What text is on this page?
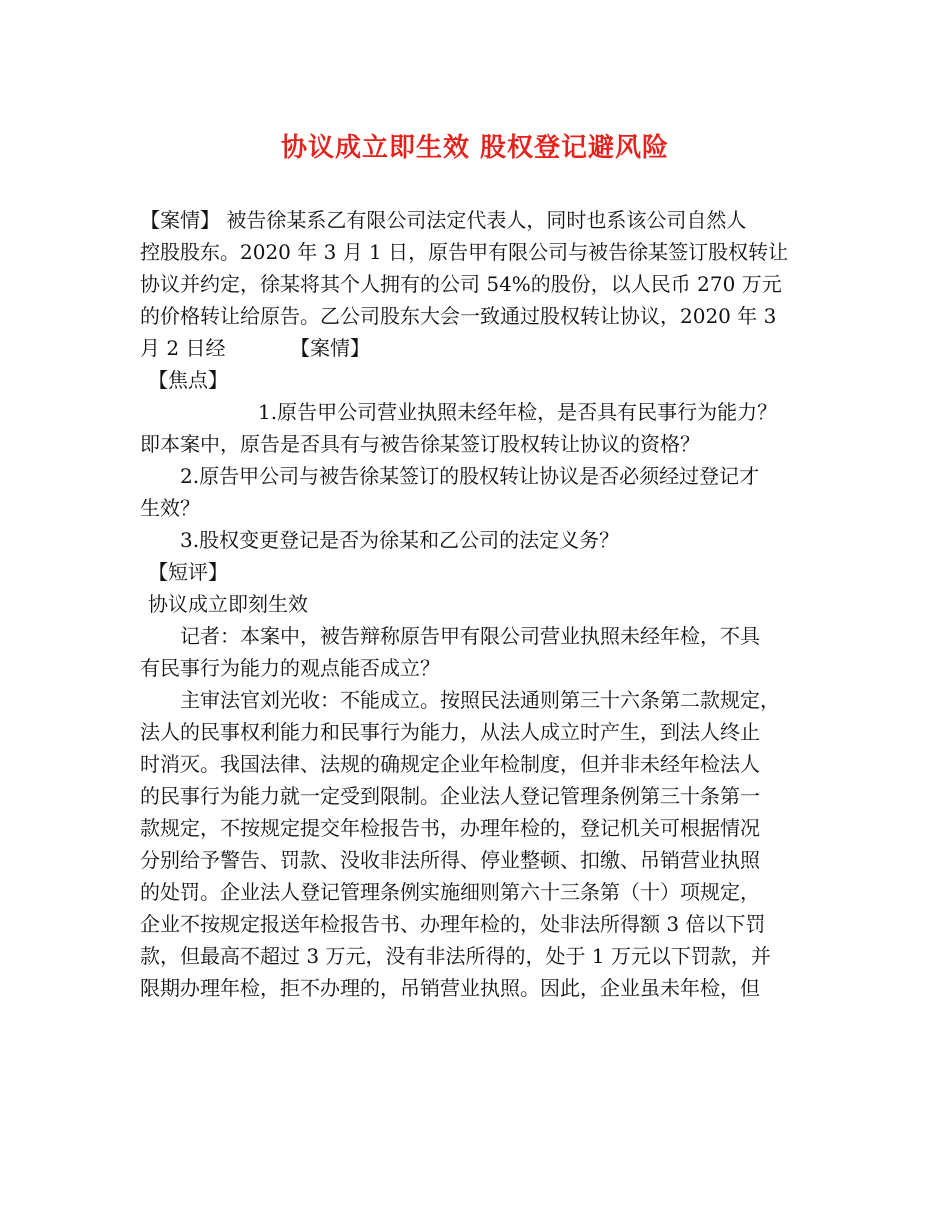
协议成立即生效 股权登记避风险
【案情】 被告徐某系乙有限公司法定代表人，同时也系该公司自然人
控股股东。2020 年 3 月 1 日，原告甲有限公司与被告徐某签订股权转让
协议并约定，徐某将其个人拥有的公司 54%的股份，以人民币 270 万元
的价格转让给原告。乙公司股东大会一致通过股权转让协议，2020 年 3
月 2 日经	【案情】
【焦点】
1.原告甲公司营业执照未经年检，是否具有民事行为能力？
即本案中，原告是否具有与被告徐某签订股权转让协议的资格？
2.原告甲公司与被告徐某签订的股权转让协议是否必须经过登记才
生效？
3.股权变更登记是否为徐某和乙公司的法定义务？
【短评】
协议成立即刻生效
记者：本案中，被告辩称原告甲有限公司营业执照未经年检，不具
有民事行为能力的观点能否成立？
主审法官刘光收：不能成立。按照民法通则第三十六条第二款规定，
法人的民事权利能力和民事行为能力，从法人成立时产生，到法人终止
时消灭。我国法律、法规的确规定企业年检制度，但并非未经年检法人
的民事行为能力就一定受到限制。企业法人登记管理条例第三十条第一
款规定，不按规定提交年检报告书，办理年检的，登记机关可根据情况
分别给予警告、罚款、没收非法所得、停业整顿、扣缴、吊销营业执照
的处罚。企业法人登记管理条例实施细则第六十三条第（十）项规定，
企业不按规定报送年检报告书、办理年检的，处非法所得额 3 倍以下罚
款，但最高不超过 3 万元，没有非法所得的，处于 1 万元以下罚款，并
限期办理年检，拒不办理的，吊销营业执照。因此，企业虽未年检，但
